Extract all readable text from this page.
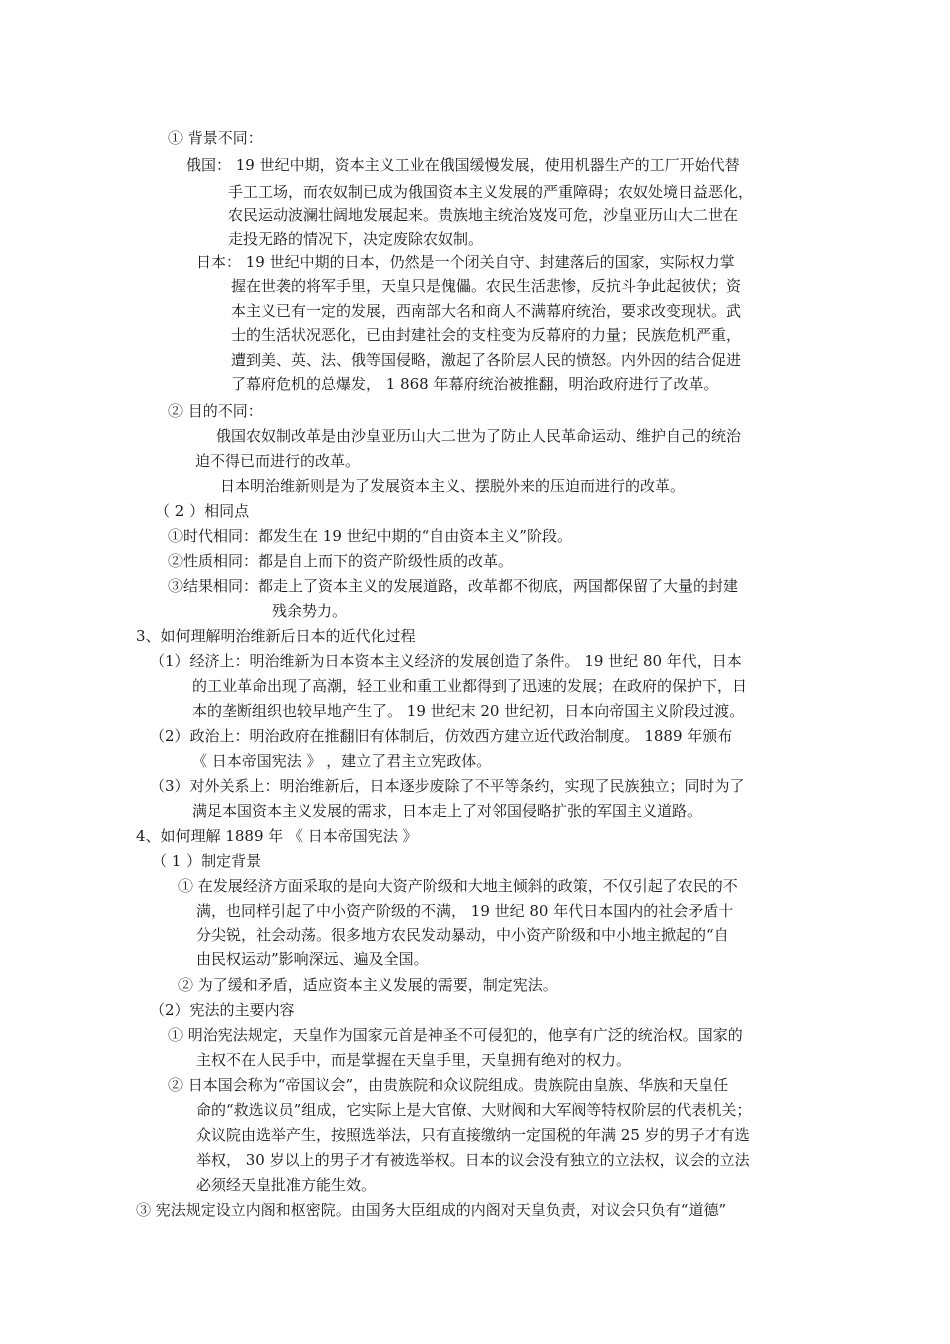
① 背景不同：
俄国： 19 世纪中期，资本主义工业在俄国缓慢发展，使用机器生产的工厂开始代替
手工工场，而农奴制已成为俄国资本主义发展的严重障碍；农奴处境日益恶化，
农民运动波澜壮阔地发展起来。贵族地主统治岌岌可危，沙皇亚历山大二世在
走投无路的情况下，决定废除农奴制。
日本： 19 世纪中期的日本，仍然是一个闭关自守、封建落后的国家，实际权力掌
握在世袭的将军手里，天皇只是傀儡。农民生活悲惨，反抗斗争此起彼伏；资
本主义已有一定的发展，西南部大名和商人不满幕府统治，要求改变现状。武
士的生活状况恶化，已由封建社会的支柱变为反幕府的力量；民族危机严重，
遭到美、英、法、俄等国侵略，激起了各阶层人民的愤怒。内外因的结合促进
了幕府危机的总爆发， 1 868 年幕府统治被推翻，明治政府进行了改革。
② 目的不同：
俄国农奴制改革是由沙皇亚历山大二世为了防止人民革命运动、维护自己的统治
迫不得已而进行的改革。
日本明治维新则是为了发展资本主义、摆脱外来的压迫而进行的改革。
（ 2 ）相同点
①时代相同：都发生在 19 世纪中期的“自由资本主义”阶段。
②性质相同：都是自上而下的资产阶级性质的改革。
③结果相同：都走上了资本主义的发展道路，改革都不彻底，两国都保留了大量的封建
残余势力。
3、如何理解明治维新后日本的近代化过程
（1）经济上：明治维新为日本资本主义经济的发展创造了条件。 19 世纪 80 年代，日本
的工业革命出现了高潮，轻工业和重工业都得到了迅速的发展；在政府的保护下，日
本的垄断组织也较早地产生了。 19 世纪末 20 世纪初，日本向帝国主义阶段过渡。
（2）政治上：明治政府在推翻旧有体制后，仿效西方建立近代政治制度。 1889 年颁布
《 日本帝国宪法 》 ，建立了君主立宪政体。
（3）对外关系上：明治维新后，日本逐步废除了不平等条约，实现了民族独立；同时为了
满足本国资本主义发展的需求，日本走上了对邻国侵略扩张的军国主义道路。
4、如何理解 1889 年 《 日本帝国宪法 》
（ 1 ）制定背景
① 在发展经济方面采取的是向大资产阶级和大地主倾斜的政策，不仅引起了农民的不
满，也同样引起了中小资产阶级的不满， 19 世纪 80 年代日本国内的社会矛盾十
分尖锐，社会动荡。很多地方农民发动暴动，中小资产阶级和中小地主掀起的“自
由民权运动”影响深远、遍及全国。
② 为了缓和矛盾，适应资本主义发展的需要，制定宪法。
（2）宪法的主要内容
① 明治宪法规定，天皇作为国家元首是神圣不可侵犯的，他享有广泛的统治权。国家的
主权不在人民手中，而是掌握在天皇手里，天皇拥有绝对的权力。
② 日本国会称为“帝国议会”，由贵族院和众议院组成。贵族院由皇族、华族和天皇任
命的“救选议员”组成，它实际上是大官僚、大财阀和大军阀等特权阶层的代表机关；
众议院由选举产生，按照选举法，只有直接缴纳一定国税的年满 25 岁的男子才有选
举权， 30 岁以上的男子才有被选举权。日本的议会没有独立的立法权，议会的立法
必须经天皇批准方能生效。
③ 宪法规定设立内阁和枢密院。由国务大臣组成的内阁对天皇负责，对议会只负有“道德”
